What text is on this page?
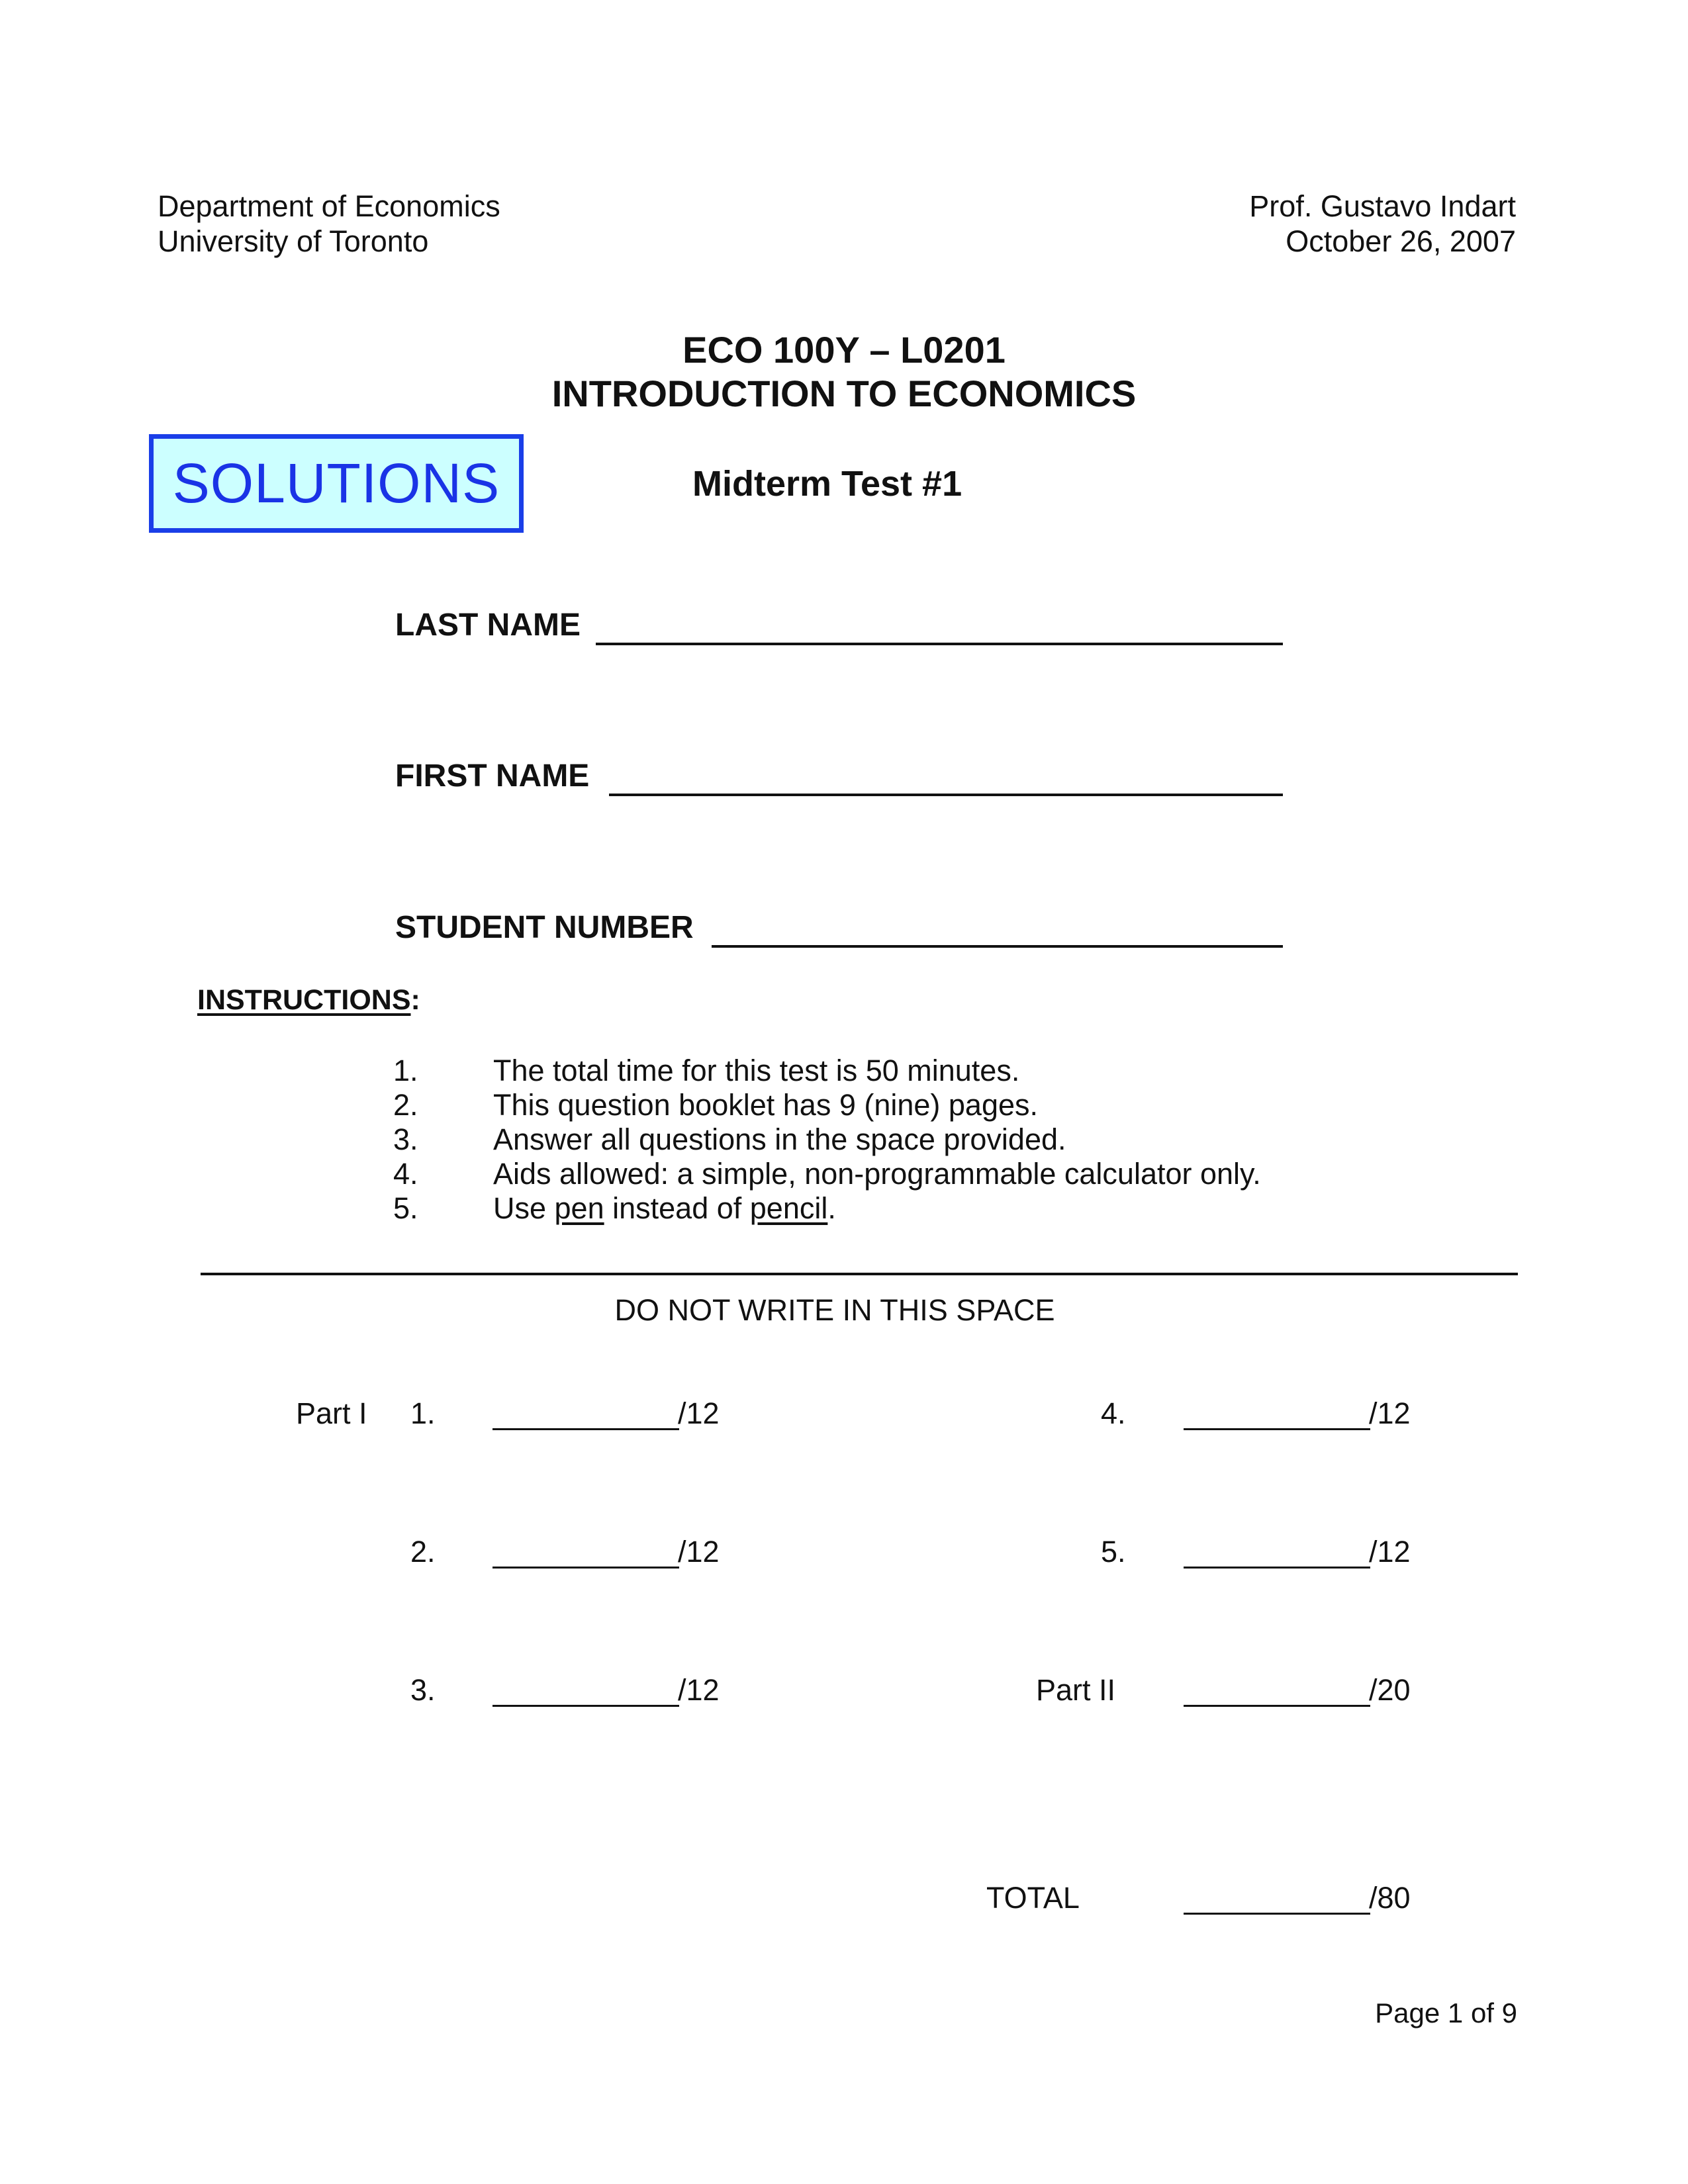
Department of Economics
University of Toronto
Prof. Gustavo Indart
October 26, 2007
ECO 100Y – L0201
INTRODUCTION TO ECONOMICS
SOLUTIONS	Midterm Test #1
LAST NAME
FIRST NAME
STUDENT NUMBER
INSTRUCTIONS:
1.	The total time for this test is 50 minutes.
2.	This question booklet has 9 (nine) pages.
3.	Answer all questions in the space provided.
4.	Aids allowed: a simple, non-programmable calculator only.
5.	Use pen instead of pencil.
DO NOT WRITE IN THIS SPACE
Part I 1.	/12
2.	/12
3.	/12
4.	/12
5.	/12
Part II	/20
TOTAL	/80
Page 1 of 9
